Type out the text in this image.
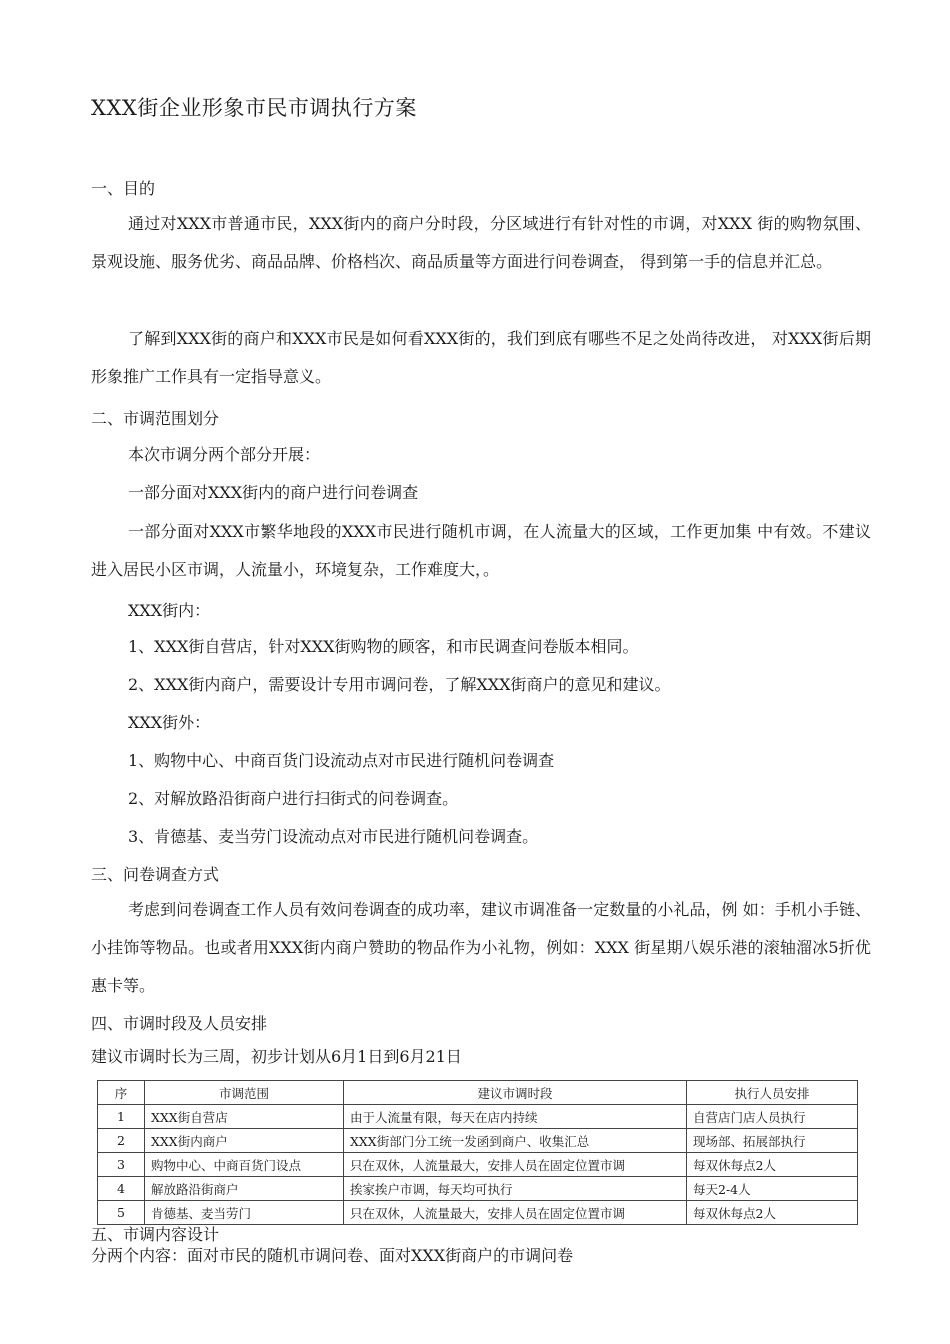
XXX街企业形象市民市调执行方案
一、目的
通过对XXX市普通市民，XXX街内的商户分时段，分区域进行有针对性的市调，对XXX 街的购物氛围、景观设施、服务优劣、商品品牌、价格档次、商品质量等方面进行问卷调查， 得到第一手的信息并汇总。
了解到XXX街的商户和XXX市民是如何看XXX街的，我们到底有哪些不足之处尚待改进， 对XXX街后期形象推广工作具有一定指导意义。
二、市调范围划分
本次市调分两个部分开展：
一部分面对XXX街内的商户进行问卷调查
一部分面对XXX市繁华地段的XXX市民进行随机市调，在人流量大的区域，工作更加集 中有效。不建议进入居民小区市调，人流量小，环境复杂，工作难度大，。
XXX街内：
1、XXX街自营店，针对XXX街购物的顾客，和市民调查问卷版本相同。
2、XXX街内商户，需要设计专用市调问卷，了解XXX街商户的意见和建议。
XXX街外：
1、购物中心、中商百货门设流动点对市民进行随机问卷调查
2、对解放路沿街商户进行扫街式的问卷调查。
3、肯德基、麦当劳门设流动点对市民进行随机问卷调查。
三、问卷调查方式
考虑到问卷调查工作人员有效问卷调查的成功率，建议市调准备一定数量的小礼品，例 如：手机小手链、小挂饰等物品。也或者用XXX街内商户赞助的物品作为小礼物，例如：XXX 街星期八娱乐港的滚轴溜冰5折优惠卡等。
四、市调时段及人员安排
建议市调时长为三周，初步计划从6月1日到6月21日
序	市调范围	建议市调时段	执行人员安排
1	XXX街自营店	由于人流量有限，每天在店内持续	自营店门店人员执行
2	XXX街内商户	XXX街部门分工统一发函到商户、收集汇总	现场部、拓展部执行
3	购物中心、中商百货门设点	只在双休，人流量最大，安排人员在固定位置市调	每双休每点2人
4	解放路沿街商户	挨家挨户市调，每天均可执行	每天2-4人
5	肯德基、麦当劳门	只在双休，人流量最大，安排人员在固定位置市调	每双休每点2人
五、市调内容设计
分两个内容：面对市民的随机市调问卷、面对XXX街商户的市调问卷
